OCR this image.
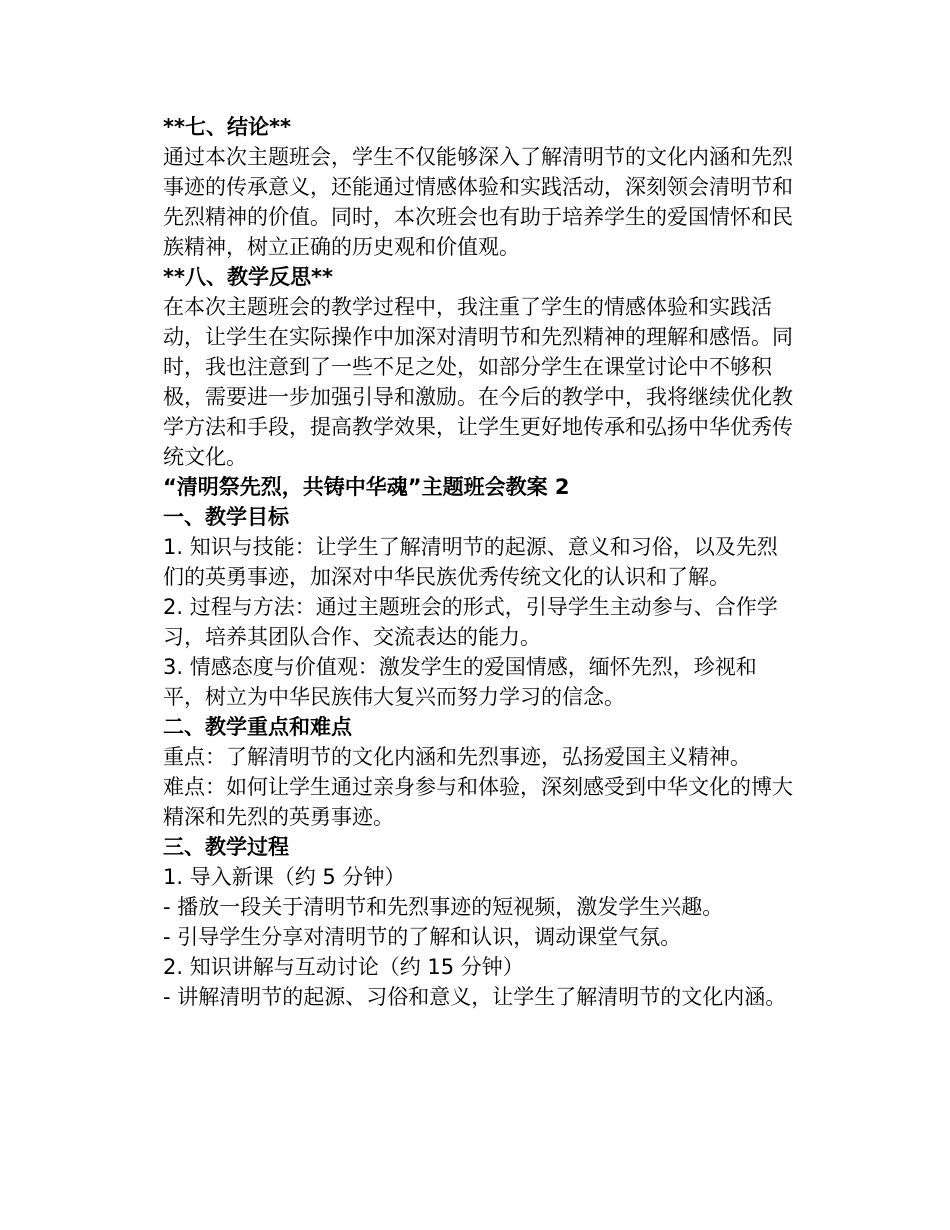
**七、结论**

通过本次主题班会，学生不仅能够深入了解清明节的文化内涵和先烈事迹的传承意义，还能通过情感体验和实践活动，深刻领会清明节和先烈精神的价值。同时，本次班会也有助于培养学生的爱国情怀和民族精神，树立正确的历史观和价值观。

**八、教学反思**

在本次主题班会的教学过程中，我注重了学生的情感体验和实践活动，让学生在实际操作中加深对清明节和先烈精神的理解和感悟。同时，我也注意到了一些不足之处，如部分学生在课堂讨论中不够积极，需要进一步加强引导和激励。在今后的教学中，我将继续优化教学方法和手段，提高教学效果，让学生更好地传承和弘扬中华优秀传统文化。

“清明祭先烈，共铸中华魂”主题班会教案 2

一、教学目标

1. 知识与技能：让学生了解清明节的起源、意义和习俗，以及先烈们的英勇事迹，加深对中华民族优秀传统文化的认识和了解。

2. 过程与方法：通过主题班会的形式，引导学生主动参与、合作学习，培养其团队合作、交流表达的能力。

3. 情感态度与价值观：激发学生的爱国情感，缅怀先烈，珍视和平，树立为中华民族伟大复兴而努力学习的信念。

二、教学重点和难点

重点：了解清明节的文化内涵和先烈事迹，弘扬爱国主义精神。

难点：如何让学生通过亲身参与和体验，深刻感受到中华文化的博大精深和先烈的英勇事迹。

三、教学过程

1. 导入新课（约 5 分钟）

- 播放一段关于清明节和先烈事迹的短视频，激发学生兴趣。

- 引导学生分享对清明节的了解和认识，调动课堂气氛。

2. 知识讲解与互动讨论（约 15 分钟）

- 讲解清明节的起源、习俗和意义，让学生了解清明节的文化内涵。
